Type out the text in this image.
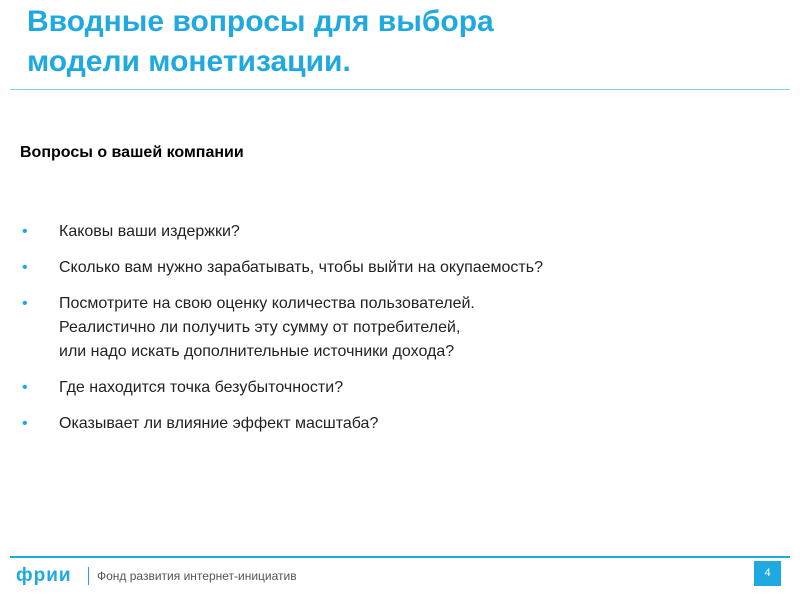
Вводные вопросы для выбора
модели монетизации.
Вопросы о вашей компании
• Каковы ваши издержки?
• Сколько вам нужно зарабатывать, чтобы выйти на окупаемость?
• Посмотрите на свою оценку количества пользователей.
Реалистично ли получить эту сумму от потребителей,
или надо искать дополнительные источники дохода?
• Где находится точка безубыточности?
• Оказывает ли влияние эффект масштаба?
фрии Фонд развития интернет-инициатив	4
